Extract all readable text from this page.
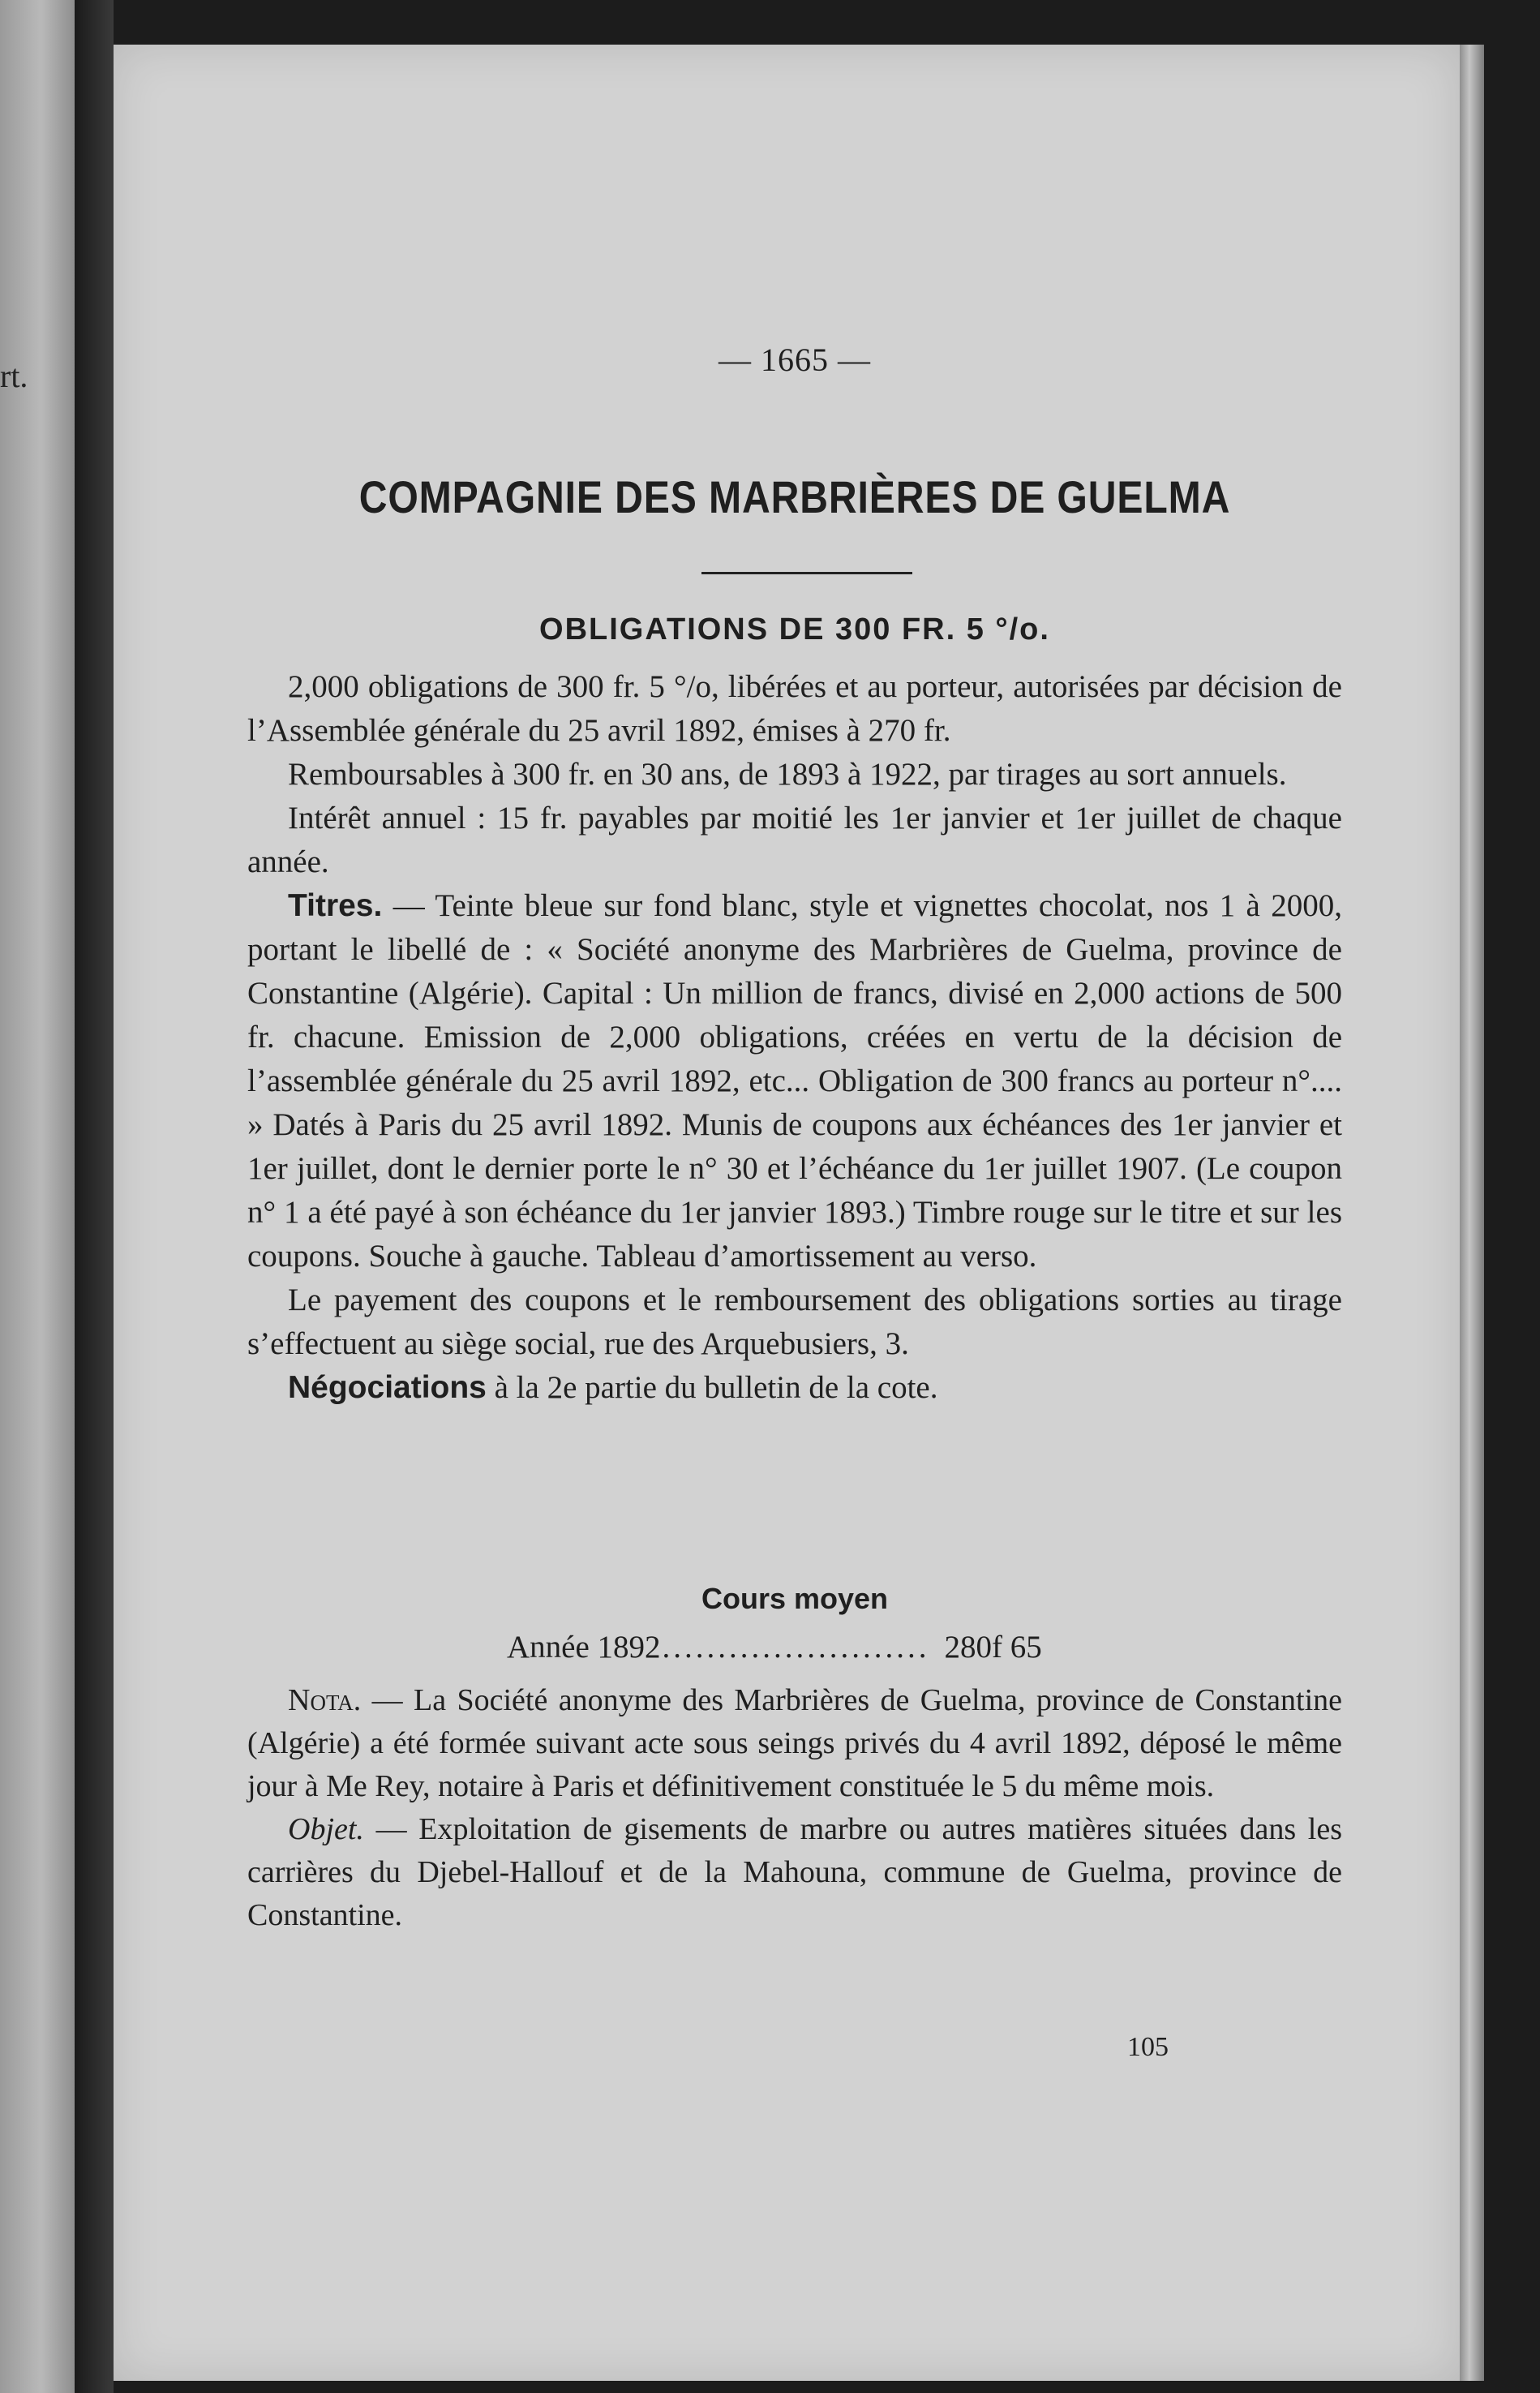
rt.	— 1665 —
COMPAGNIE DES MARBRIÈRES DE GUELMA
OBLIGATIONS DE 300 FR. 5 °/o.

2,000 obligations de 300 fr. 5 °/o, libérées et au porteur, autorisées par décision de l’Assemblée générale du 25 avril 1892, émises à 270 fr.

Remboursables à 300 fr. en 30 ans, de 1893 à 1922, par tirages au sort annuels.

Intérêt annuel : 15 fr. payables par moitié les 1er janvier et 1er juillet de chaque année.

Titres. — Teinte bleue sur fond blanc, style et vignettes chocolat, nos 1 à 2000, portant le libellé de : « Société anonyme des Marbrières de Guelma, province de Constantine (Algérie). Capital : Un million de francs, divisé en 2,000 actions de 500 fr. chacune. Emission de 2,000 obligations, créées en vertu de la décision de l’assemblée générale du 25 avril 1892, etc... Obligation de 300 francs au porteur n°.... » Datés à Paris du 25 avril 1892. Munis de coupons aux échéances des 1er janvier et 1er juillet, dont le dernier porte le n° 30 et l’échéance du 1er juillet 1907. (Le coupon n° 1 a été payé à son échéance du 1er janvier 1893.) Timbre rouge sur le titre et sur les coupons. Souche à gauche. Tableau d’amortissement au verso.

Le payement des coupons et le remboursement des obligations sorties au tirage s’effectuent au siège social, rue des Arquebusiers, 3.

Négociations à la 2e partie du bulletin de la cote.

Cours moyen
Année 1892........................ 280f 65

Nota. — La Société anonyme des Marbrières de Guelma, province de Constantine (Algérie) a été formée suivant acte sous seings privés du 4 avril 1892, déposé le même jour à Me Rey, notaire à Paris et définitivement constituée le 5 du même mois.

Objet. — Exploitation de gisements de marbre ou autres matières situées dans les carrières du Djebel-Hallouf et de la Mahouna, commune de Guelma, province de Constantine.

105
